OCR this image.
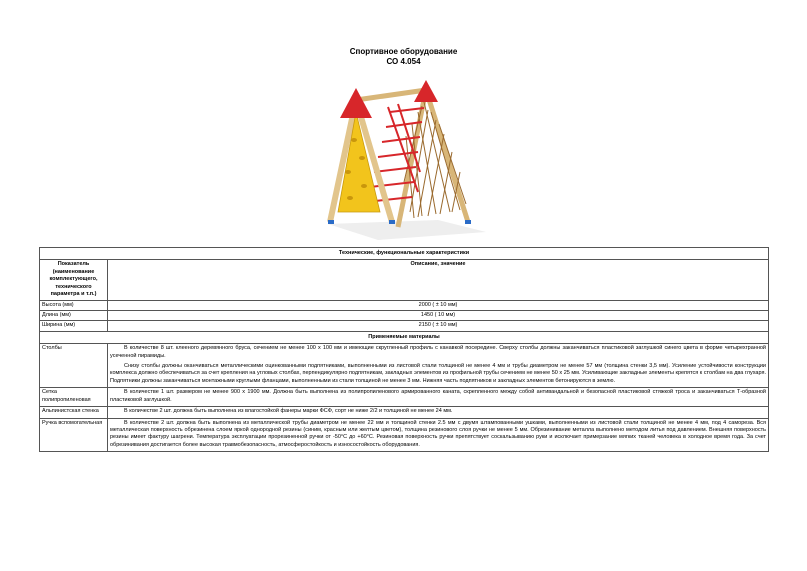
Спортивное оборудование
СО 4.054
Технические, функциональные характеристики	
Показатель (наименование комплектующего, технического параметра и т.п.)	Описание, значение
Высота (мм)	2000 ( ± 10 мм)
Длина (мм)	1450 ( 10 мм)
Ширина (мм)	2150 ( ± 10 мм)
Применяемые материалы	
Столбы	В количестве 8 шт. клееного деревянного бруса, сечением не менее 100 х 100 мм и имеющие скругленный профиль с канавкой посередине. Сверху столбы должны заканчиваться пластиковой заглушкой синего цвета в форме четырехгранной усеченной пирамиды.

Снизу столбы должны оканчиваться металлическими оцинкованными подпятниками, выполненными из листовой стали толщиной не менее 4 мм и трубы диаметром не менее 57 мм (толщина стенки 3,5 мм). Усиление устойчивости конструкции комплекса должно обеспечиваться за счет крепления на угловых столбах, перпендикулярно подпятникам, закладных элементов из профильной трубы сечением не менее 50 х 25 мм. Усиливающие закладные элементы крепятся к столбам на два глухаря. Подпятники должны заканчиваться монтажными круглыми фланцами, выполненными из стали толщиной не менее 3 мм. Нижняя часть подпятников и закладных элементов бетонируются в землю.

Сетка полипропиленовая	В количестве 1 шт. размером не менее 900 х 1900 мм. Должна быть выполнена из полипропиленового армированного каната, скрепленного между собой антивандальной и безопасной пластиковой стяжкой троса и заканчиваться Т-образной пластиковой заглушкой.

Альпинистская стенка	В количестве 2 шт. должна быть выполнена из влагостойкой фанеры марки ФСФ, сорт не ниже 2/2 и толщиной не менее 24 мм.

Ручка вспомогательная	В количестве 2 шт. должна быть выполнена из металлической трубы диаметром не менее 22 мм и толщиной стенки 2.5 мм с двумя штампованными ушками, выполненными из листовой стали толщиной не менее 4 мм, под 4 самореза. Вся металлическая поверхность обрезинена слоем яркой однородной резины (синим, красным или желтым цветом), толщина резинового слоя ручки не менее 5 мм. Обрезинивание металла выполнено методом литья под давлением. Внешняя поверхность резины имеет фактуру шагрени. Температура эксплуатации прорезиненной ручки от -50°С до +60°С. Резиновая поверхность ручки препятствует соскальзыванию руки и исключает примерзание мягких тканей человека в холодное время года. За счет обрезинивания достигается более высокая травмобезопасность, атмосферостойкость и износостойкость оборудования.
